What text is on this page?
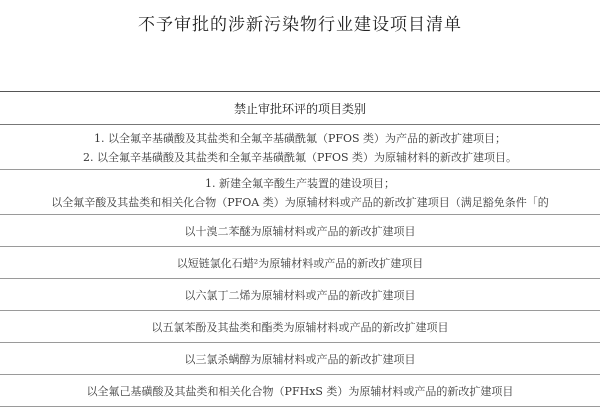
不予审批的涉新污染物行业建设项目清单
禁止审批环评的项目类别
1. 以全氟辛基磺酸及其盐类和全氟辛基磺酰氟（PFOS 类）为产品的新改扩建项目；
2. 以全氟辛基磺酸及其盐类和全氟辛基磺酰氟（PFOS 类）为原辅材料的新改扩建项目。
1. 新建全氟辛酸生产装置的建设项目；
以全氟辛酸及其盐类和相关化合物（PFOA 类）为原辅材料或产品的新改扩建项目（满足豁免条件「的
以十溴二苯醚为原辅材料或产品的新改扩建项目
以短链氯化石蜡²为原辅材料或产品的新改扩建项目
以六氯丁二烯为原辅材料或产品的新改扩建项目
以五氯苯酚及其盐类和酯类为原辅材料或产品的新改扩建项目
以三氯杀螨醇为原辅材料或产品的新改扩建项目
以全氟己基磺酸及其盐类和相关化合物（PFHxS 类）为原辅材料或产品的新改扩建项目
